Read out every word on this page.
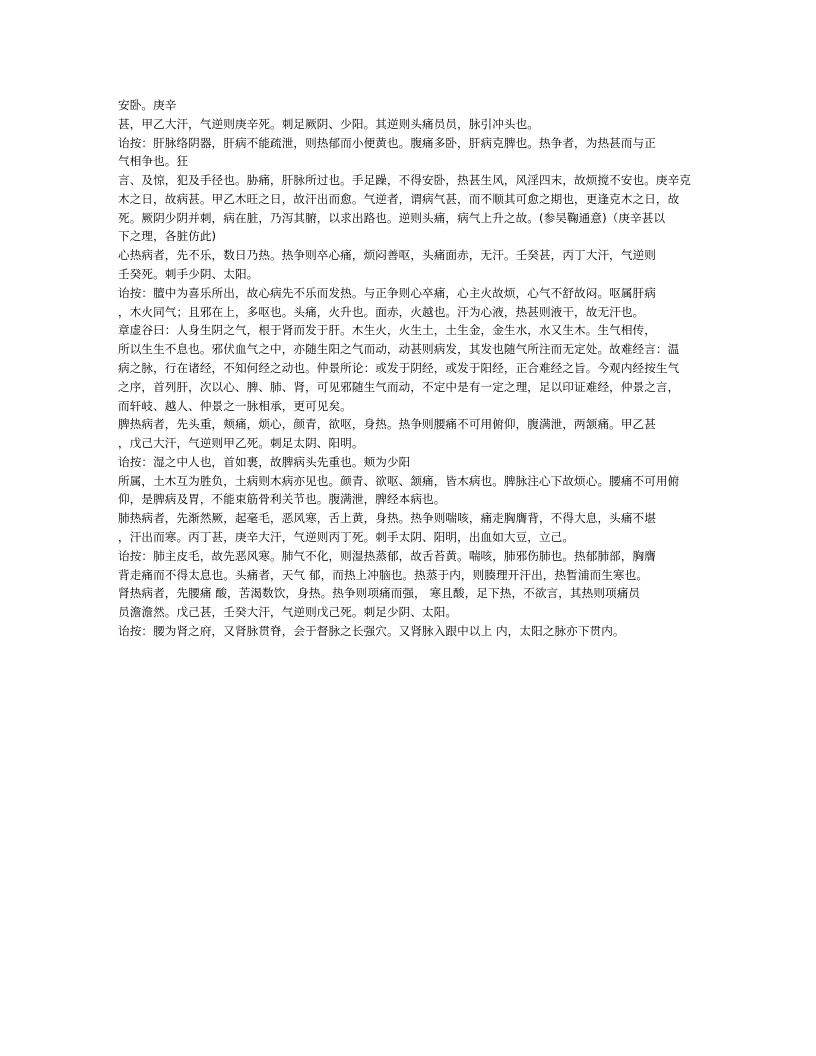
安卧。庚辛

甚，甲乙大汗，气逆则庚辛死。刺足厥阴、少阳。其逆则头痛员员，脉引冲头也。

诒按：肝脉络阴器，肝病不能疏泄，则热郁而小便黄也。腹痛多卧，肝病克脾也。热争者，为热甚而与正

气相争也。狂

言、及惊，犯及手径也。胁痛，肝脉所过也。手足躁，不得安卧，热甚生风，风淫四末，故烦搅不安也。庚辛克

木之日，故病甚。甲乙木旺之日，故汗出而愈。气逆者，谓病气甚，而不顺其可愈之期也，更逢克木之日，故

死。厥阴少阴并刺，病在脏，乃泻其腑，以求出路也。逆则头痛，病气上升之故。(参吴鞠通意)（庚辛甚以

下之理，各脏仿此)

心热病者，先不乐，数日乃热。热争则卒心痛，烦闷善呕，头痛面赤，无汗。壬癸甚，丙丁大汗，气逆则

壬癸死。刺手少阴、太阳。

诒按：膻中为喜乐所出，故心病先不乐而发热。与正争则心卒痛，心主火故烦，心气不舒故闷。呕属肝病

，木火同气；且邪在上，多呕也。头痛，火升也。面赤，火越也。汗为心液，热甚则液干，故无汗也。

章虚谷曰：人身生阴之气，根于肾而发于肝。木生火，火生土，土生金，金生水，水又生木。生气相传，

所以生生不息也。邪伏血气之中，亦随生阳之气而动，动甚则病发，其发也随气所注而无定处。故难经言：温

病之脉，行在诸经，不知何经之动也。仲景所论：或发于阴经，或发于阳经，正合难经之旨。今观内经按生气

之序，首列肝，次以心、脾、肺、肾，可见邪随生气而动，不定中是有一定之理，足以印证难经，仲景之言，

而轩岐、越人、仲景之一脉相承，更可见矣。

脾热病者，先头重，颊痛，烦心，颜青，欲呕，身热。热争则腰痛不可用俯仰，腹满泄，两颔痛。甲乙甚

，戊己大汗，气逆则甲乙死。刺足太阴、阳明。

诒按：湿之中人也，首如裹，故脾病头先重也。颊为少阳

所属，土木互为胜负，土病则木病亦见也。颜青、欲呕、颔痛，皆木病也。脾脉注心下故烦心。腰痛不可用俯

仰，是脾病及胃，不能束筋骨利关节也。腹满泄，脾经本病也。

肺热病者，先渐然厥，起毫毛，恶风寒，舌上黄，身热。热争则喘咳，痛走胸膺背，不得大息，头痛不堪

，汗出而寒。丙丁甚，庚辛大汗，气逆则丙丁死。刺手太阴、阳明，出血如大豆，立己。

诒按：肺主皮毛，故先恶风寒。肺气不化，则湿热蒸郁，故舌苔黄。喘咳，肺邪伤肺也。热郁肺部，胸膺

背走痛而不得太息也。头痛者，天气 郁，而热上冲脑也。热蒸于内，则腠理开汗出，热暂浦而生寒也。

肾热病者，先腰痛 酸，苦渴数饮，身热。热争则项痛而强， 寒且酸，足下热，不欲言，其热则项痛员

员澹澹然。戊己甚，壬癸大汗，气逆则戊己死。刺足少阴、太阳。

诒按：腰为肾之府，又肾脉贯脊，会于督脉之长强穴。又肾脉入跟中以上 内，太阳之脉亦下贯内。
